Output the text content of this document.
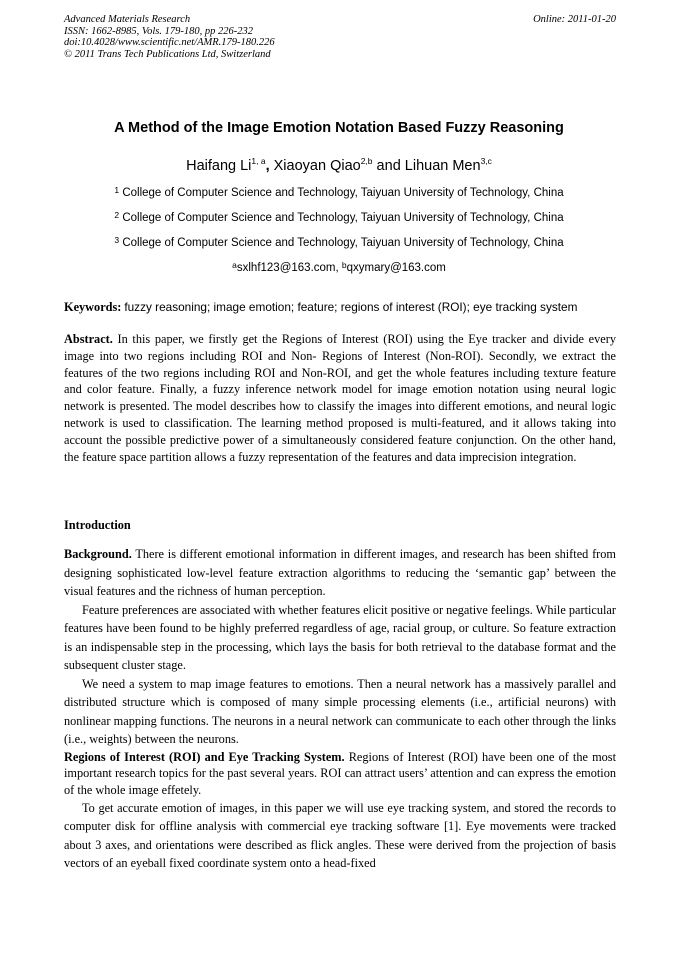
Advanced Materials Research
ISSN: 1662-8985, Vols. 179-180, pp 226-232
doi:10.4028/www.scientific.net/AMR.179-180.226
© 2011 Trans Tech Publications Ltd, Switzerland
Online: 2011-01-20
A Method of the Image Emotion Notation Based Fuzzy Reasoning
Haifang Li$^{1, a}$, Xiaoyan Qiao$^{2,b}$ and Lihuan Men$^{3,c}$
$^1$ College of Computer Science and Technology, Taiyuan University of Technology, China
$^2$ College of Computer Science and Technology, Taiyuan University of Technology, China
$^3$ College of Computer Science and Technology, Taiyuan University of Technology, China
$^a$sxlhf123@163.com, $^b$qxymary@163.com
Keywords: fuzzy reasoning; image emotion; feature; regions of interest (ROI); eye tracking system

Abstract. In this paper, we firstly get the Regions of Interest (ROI) using the Eye tracker and divide every image into two regions including ROI and Non- Regions of Interest (Non-ROI). Secondly, we extract the features of the two regions including ROI and Non-ROI, and get the whole features including texture feature and color feature. Finally, a fuzzy inference network model for image emotion notation using neural logic network is presented. The model describes how to classify the images into different emotions, and neural logic network is used to classification. The learning method proposed is multi-featured, and it allows taking into account the possible predictive power of a simultaneously considered feature conjunction. On the other hand, the feature space partition allows a fuzzy representation of the features and data imprecision integration.

Introduction

Background. There is different emotional information in different images, and research has been shifted from designing sophisticated low-level feature extraction algorithms to reducing the ‘semantic gap’ between the visual features and the richness of human perception.

Feature preferences are associated with whether features elicit positive or negative feelings. While particular features have been found to be highly preferred regardless of age, racial group, or culture. So feature extraction is an indispensable step in the processing, which lays the basis for both retrieval to the database format and the subsequent cluster stage.

We need a system to map image features to emotions. Then a neural network has a massively parallel and distributed structure which is composed of many simple processing elements (i.e., artificial neurons) with nonlinear mapping functions. The neurons in a neural network can communicate to each other through the links (i.e., weights) between the neurons.

Regions of Interest (ROI) and Eye Tracking System. Regions of Interest (ROI) have been one of the most important research topics for the past several years. ROI can attract users’ attention and can express the emotion of the whole image effetely.

To get accurate emotion of images, in this paper we will use eye tracking system, and stored the records to computer disk for offline analysis with commercial eye tracking software [1]. Eye movements were tracked about 3 axes, and orientations were described as flick angles. These were derived from the projection of basis vectors of an eyeball fixed coordinate system onto a head-fixed
